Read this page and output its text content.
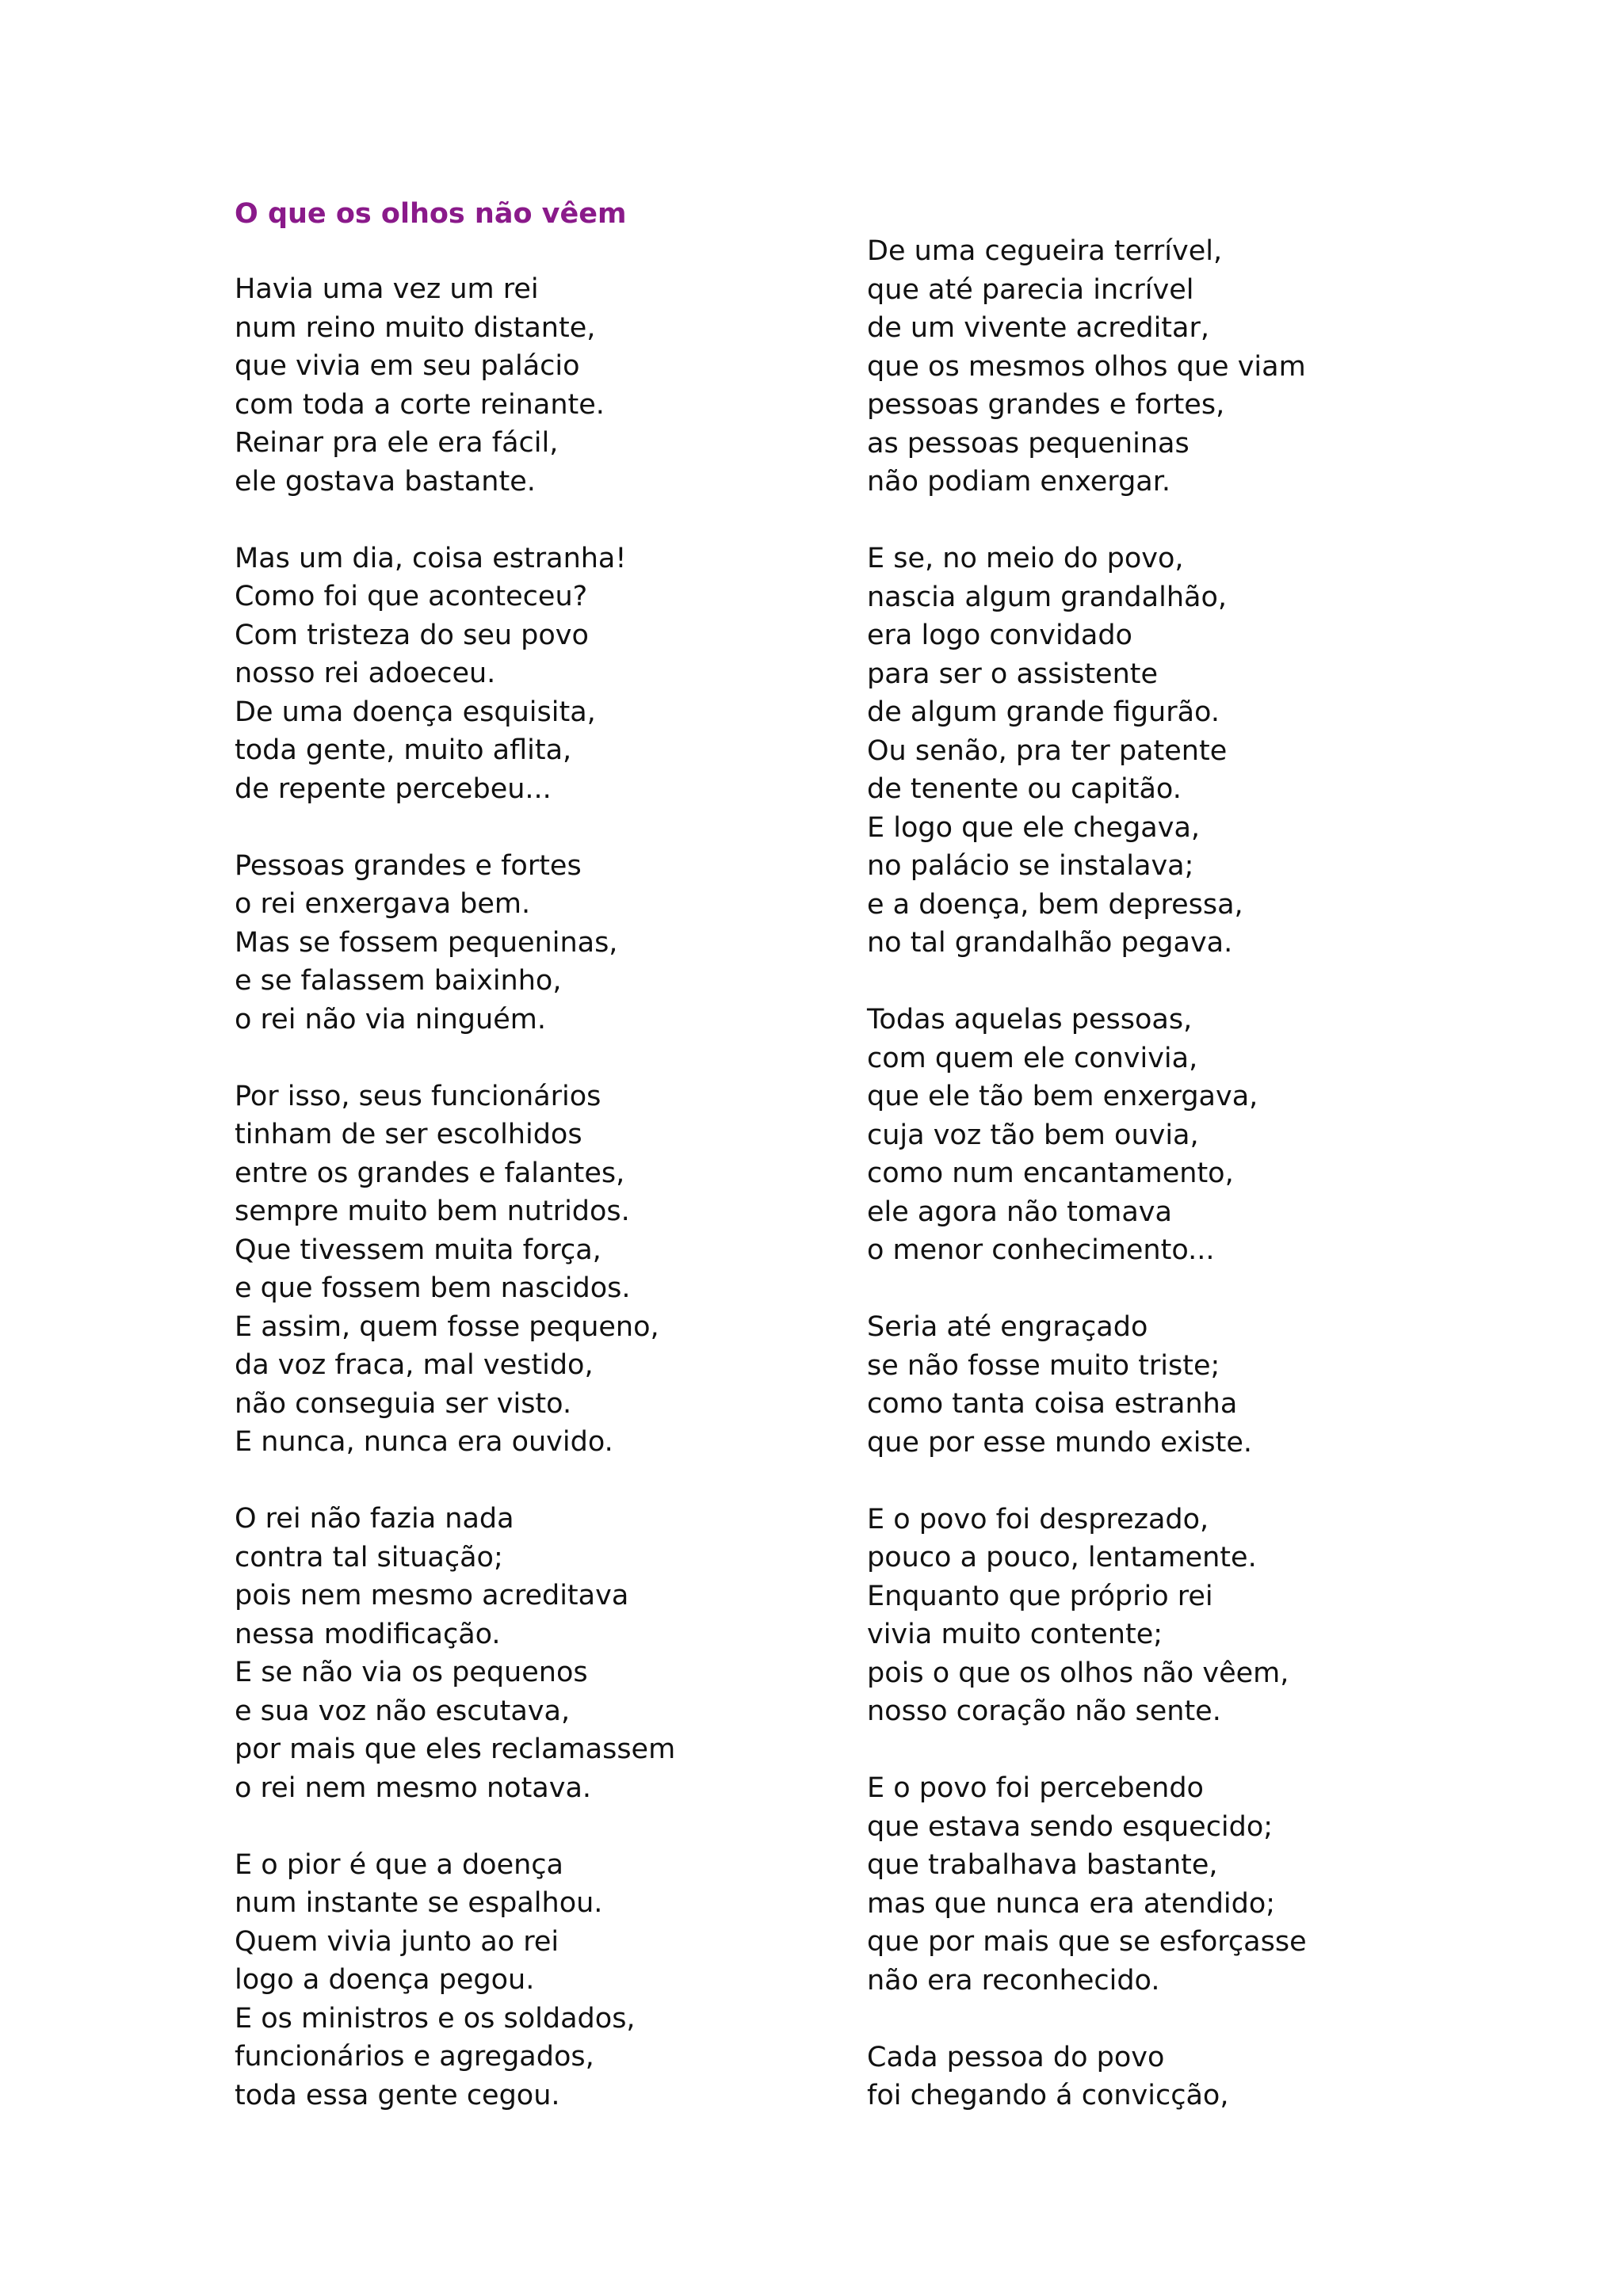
O que os olhos não vêem
Havia uma vez um rei
num reino muito distante,
que vivia em seu palácio
com toda a corte reinante.
Reinar pra ele era fácil,
ele gostava bastante.
Mas um dia, coisa estranha!
Como foi que aconteceu?
Com tristeza do seu povo
nosso rei adoeceu.
De uma doença esquisita,
toda gente, muito aflita,
de repente percebeu...
Pessoas grandes e fortes
o rei enxergava bem.
Mas se fossem pequeninas,
e se falassem baixinho,
o rei não via ninguém.
Por isso, seus funcionários
tinham de ser escolhidos
entre os grandes e falantes,
sempre muito bem nutridos.
Que tivessem muita força,
e que fossem bem nascidos.
E assim, quem fosse pequeno,
da voz fraca, mal vestido,
não conseguia ser visto.
E nunca, nunca era ouvido.
O rei não fazia nada
contra tal situação;
pois nem mesmo acreditava
nessa modificação.
E se não via os pequenos
e sua voz não escutava,
por mais que eles reclamassem
o rei nem mesmo notava.
E o pior é que a doença
num instante se espalhou.
Quem vivia junto ao rei
logo a doença pegou.
E os ministros e os soldados,
funcionários e agregados,
toda essa gente cegou.
De uma cegueira terrível,
que até parecia incrível
de um vivente acreditar,
que os mesmos olhos que viam
pessoas grandes e fortes,
as pessoas pequeninas
não podiam enxergar.
E se, no meio do povo,
nascia algum grandalhão,
era logo convidado
para ser o assistente
de algum grande figurão.
Ou senão, pra ter patente
de tenente ou capitão.
E logo que ele chegava,
no palácio se instalava;
e a doença, bem depressa,
no tal grandalhão pegava.
Todas aquelas pessoas,
com quem ele convivia,
que ele tão bem enxergava,
cuja voz tão bem ouvia,
como num encantamento,
ele agora não tomava
o menor conhecimento...
Seria até engraçado
se não fosse muito triste;
como tanta coisa estranha
que por esse mundo existe.
E o povo foi desprezado,
pouco a pouco, lentamente.
Enquanto que próprio rei
vivia muito contente;
pois o que os olhos não vêem,
nosso coração não sente.
E o povo foi percebendo
que estava sendo esquecido;
que trabalhava bastante,
mas que nunca era atendido;
que por mais que se esforçasse
não era reconhecido.
Cada pessoa do povo
foi chegando á convicção,
